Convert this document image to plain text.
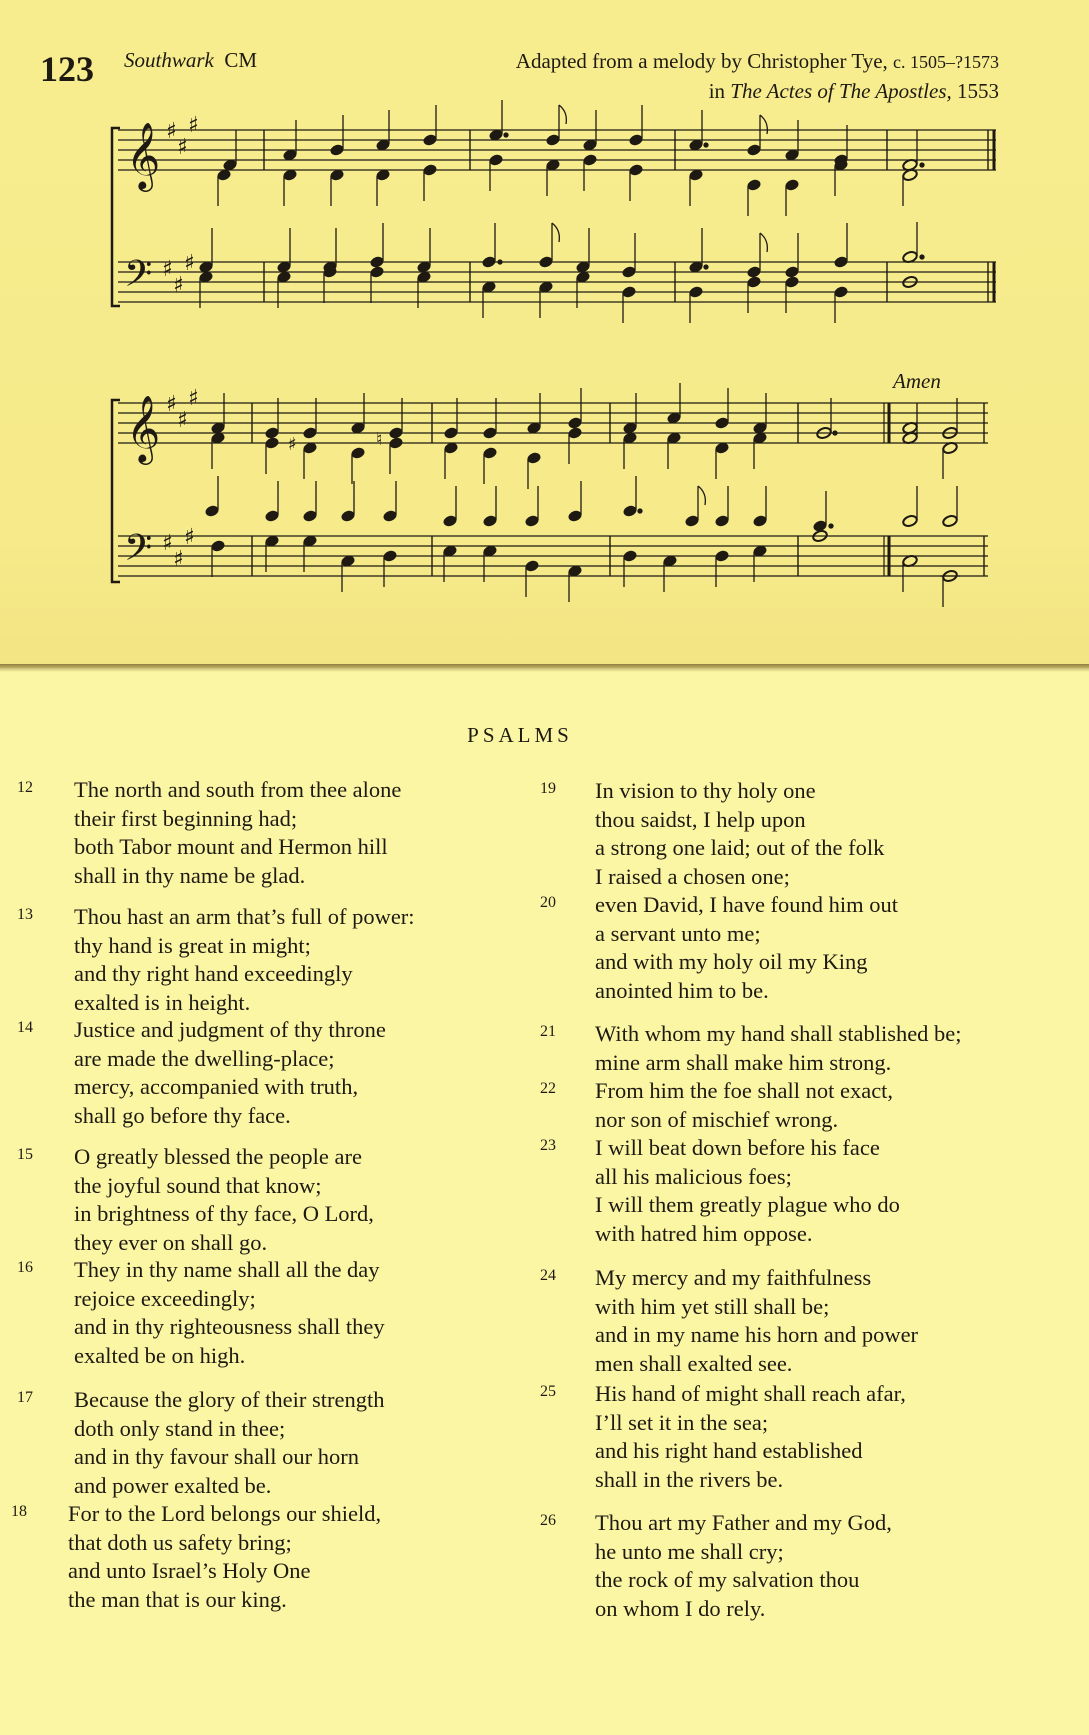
123 Southwark CM	Adapted from a melody by Christopher Tye, c. 1505–?1573
in The Actes of The Apostles, 1553
𝄞
𝄢
♯
♯
♯
♯
♯
♯
𝄞
𝄢
♯
♯
♯
♯
♯
♯
♯	♮
Amen
PSALMS
12 The north and south from thee alone
their first beginning had;
both Tabor mount and Hermon hill
shall in thy name be glad.
13 Thou hast an arm that’s full of power:
thy hand is great in might;
and thy right hand exceedingly
exalted is in height.
14 Justice and judgment of thy throne
are made the dwelling-place;
mercy, accompanied with truth,
shall go before thy face.
15 O greatly blessed the people are
the joyful sound that know;
in brightness of thy face, O Lord,
they ever on shall go.
16 They in thy name shall all the day
rejoice exceedingly;
and in thy righteousness shall they
exalted be on high.
17 Because the glory of their strength
doth only stand in thee;
and in thy favour shall our horn
and power exalted be.
18 For to the Lord belongs our shield,
that doth us safety bring;
and unto Israel’s Holy One
the man that is our king.
19 In vision to thy holy one
thou saidst, I help upon
a strong one laid; out of the folk
I raised a chosen one;
20 even David, I have found him out
a servant unto me;
and with my holy oil my King
anointed him to be.
21 With whom my hand shall stablished be;
mine arm shall make him strong.
22 From him the foe shall not exact,
nor son of mischief wrong.
23 I will beat down before his face
all his malicious foes;
I will them greatly plague who do
with hatred him oppose.
24 My mercy and my faithfulness
with him yet still shall be;
and in my name his horn and power
men shall exalted see.
25 His hand of might shall reach afar,
I’ll set it in the sea;
and his right hand established
shall in the rivers be.
26 Thou art my Father and my God,
he unto me shall cry;
the rock of my salvation thou
on whom I do rely.
